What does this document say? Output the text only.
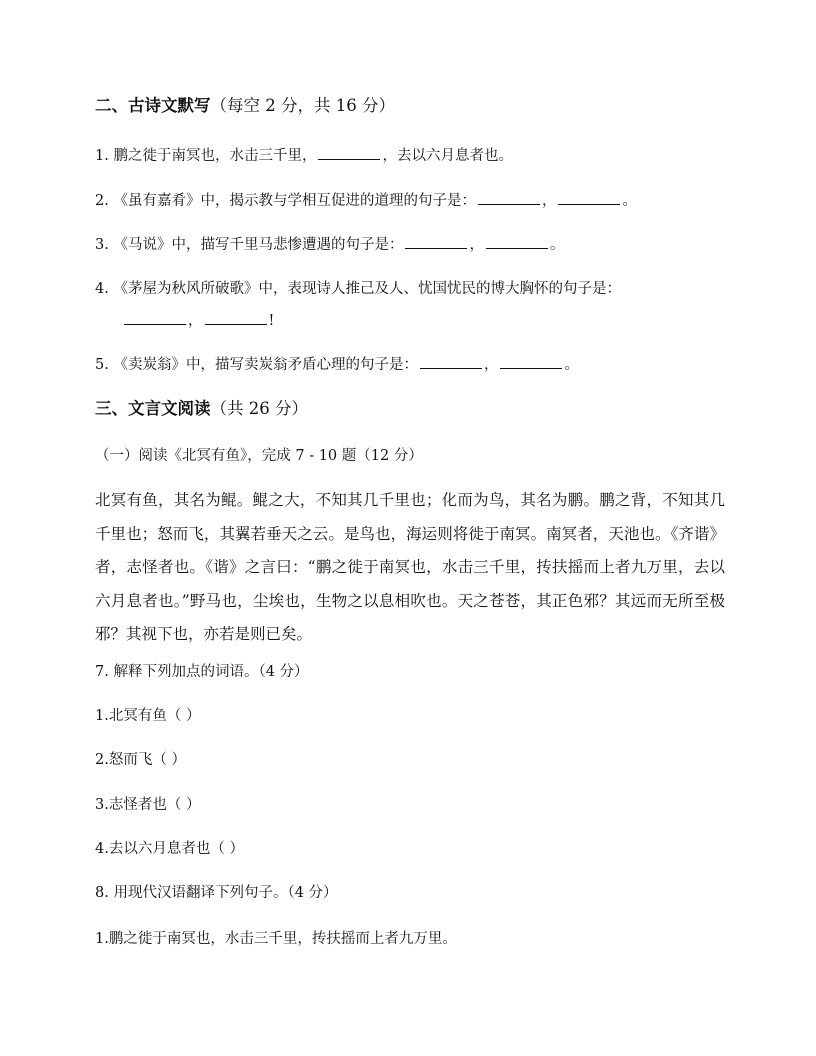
二、古诗文默写（每空 2 分，共 16 分）
1. 鹏之徙于南冥也，水击三千里，	，去以六月息者也。
2. 《虽有嘉肴》中，揭示教与学相互促进的道理的句子是：	，	。
3. 《马说》中，描写千里马悲惨遭遇的句子是：	，	。
4. 《茅屋为秋风所破歌》中，表现诗人推己及人、忧国忧民的博大胸怀的句子是：
，	!
5. 《卖炭翁》中，描写卖炭翁矛盾心理的句子是：	，	。
三、文言文阅读（共 26 分）
（一）阅读《北冥有鱼》，完成 7 - 10 题（12 分）
北冥有鱼，其名为鲲。鲲之大，不知其几千里也；化而为鸟，其名为鹏。鹏之背，不知其几千里也；怒而飞，其翼若垂天之云。是鸟也，海运则将徙于南冥。南冥者，天池也。《齐谐》者，志怪者也。《谐》之言曰：“鹏之徙于南冥也，水击三千里，抟扶摇而上者九万里，去以六月息者也。”野马也，尘埃也，生物之以息相吹也。天之苍苍，其正色邪？其远而无所至极邪？其视下也，亦若是则已矣。
7. 解释下列加点的词语。（4 分）
1.北冥有鱼（ ）
2.怒而飞（ ）
3.志怪者也（ ）
4.去以六月息者也（ ）
8. 用现代汉语翻译下列句子。（4 分）
1.鹏之徙于南冥也，水击三千里，抟扶摇而上者九万里。
